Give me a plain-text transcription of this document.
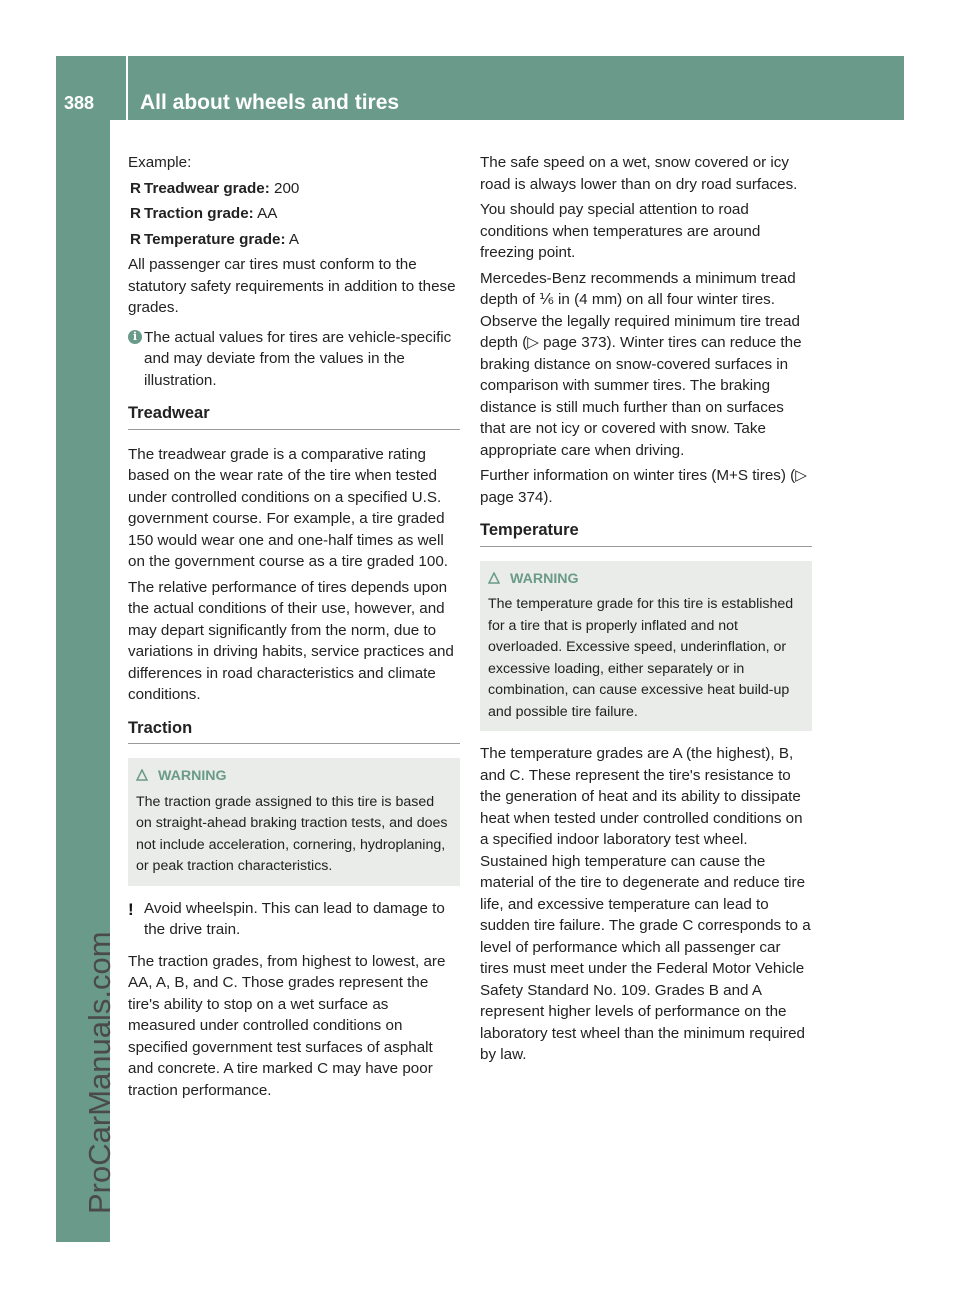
388 All about wheels and tires
ProCarManuals.com

Example:

R Treadwear grade: 200
R Traction grade: AA
R Temperature grade: A

All passenger car tires must conform to the statutory safety requirements in addition to these grades.

i The actual values for tires are vehicle-specific and may deviate from the values in the illustration.
Treadwear

The treadwear grade is a comparative rating based on the wear rate of the tire when tested under controlled conditions on a specified U.S. government course. For example, a tire graded 150 would wear one and one-half times as well on the government course as a tire graded 100.

The relative performance of tires depends upon the actual conditions of their use, however, and may depart significantly from the norm, due to variations in driving habits, service practices and differences in road characteristics and climate conditions.

Traction
WARNING
The traction grade assigned to this tire is based on straight-ahead braking traction tests, and does not include acceleration, cornering, hydroplaning, or peak traction characteristics.
! Avoid wheelspin. This can lead to damage to the drive train.

The traction grades, from highest to lowest, are AA, A, B, and C. Those grades represent the tire's ability to stop on a wet surface as measured under controlled conditions on specified government test surfaces of asphalt and concrete. A tire marked C may have poor traction performance.

The safe speed on a wet, snow covered or icy road is always lower than on dry road surfaces.

You should pay special attention to road conditions when temperatures are around freezing point.

Mercedes-Benz recommends a minimum tread depth of ⅙ in (4 mm) on all four winter tires. Observe the legally required minimum tire tread depth (▷ page 373). Winter tires can reduce the braking distance on snow-covered surfaces in comparison with summer tires. The braking distance is still much further than on surfaces that are not icy or covered with snow. Take appropriate care when driving.

Further information on winter tires (M+S tires) (▷ page 374).

Temperature
WARNING
The temperature grade for this tire is established for a tire that is properly inflated and not overloaded. Excessive speed, underinflation, or excessive loading, either separately or in combination, can cause excessive heat build-up and possible tire failure.

The temperature grades are A (the highest), B, and C. These represent the tire's resistance to the generation of heat and its ability to dissipate heat when tested under controlled conditions on a specified indoor laboratory test wheel. Sustained high temperature can cause the material of the tire to degenerate and reduce tire life, and excessive temperature can lead to sudden tire failure. The grade C corresponds to a level of performance which all passenger car tires must meet under the Federal Motor Vehicle Safety Standard No. 109. Grades B and A represent higher levels of performance on the laboratory test wheel than the minimum required by law.
